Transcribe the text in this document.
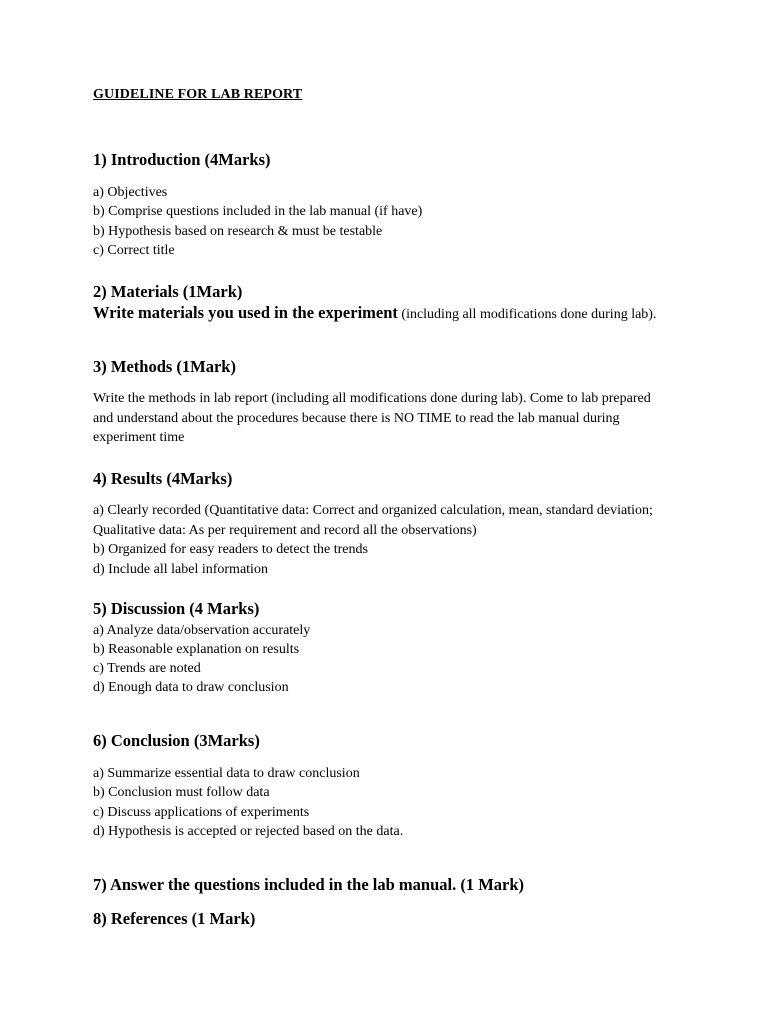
GUIDELINE FOR LAB REPORT
1) Introduction (4Marks)
a) Objectives
b) Comprise questions included in the lab manual (if have)
b) Hypothesis based on research & must be testable
c) Correct title
2) Materials (1Mark)
Write materials you used in the experiment (including all modifications done during lab).
3) Methods (1Mark)
Write the methods in lab report (including all modifications done during lab). Come to lab prepared and understand about the procedures because there is NO TIME to read the lab manual during experiment time
4) Results (4Marks)
a) Clearly recorded (Quantitative data: Correct and organized calculation, mean, standard deviation; Qualitative data: As per requirement and record all the observations)
b) Organized for easy readers to detect the trends
d) Include all label information
5) Discussion (4 Marks)
a) Analyze data/observation accurately
b) Reasonable explanation on results
c) Trends are noted
d) Enough data to draw conclusion
6) Conclusion (3Marks)
a) Summarize essential data to draw conclusion
b) Conclusion must follow data
c) Discuss applications of experiments
d) Hypothesis is accepted or rejected based on the data.
7) Answer the questions included in the lab manual. (1 Mark)
8) References (1 Mark)
